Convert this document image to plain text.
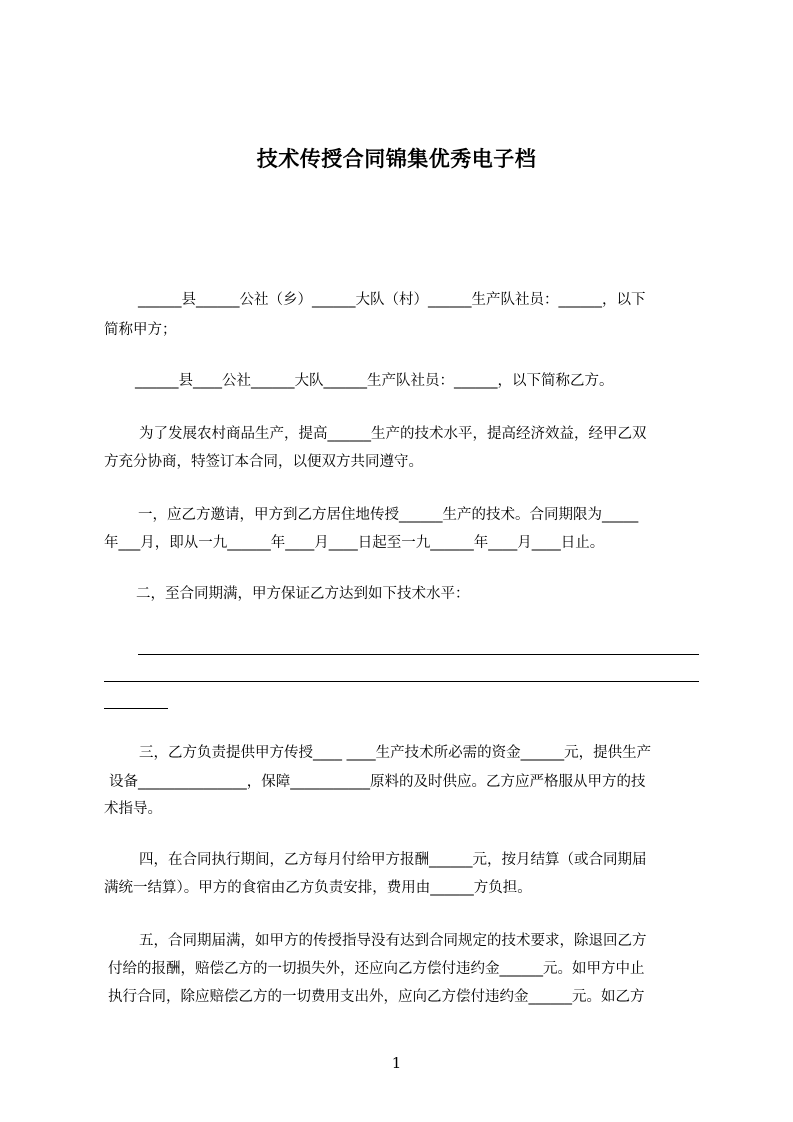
技术传授合同锦集优秀电子档
______县______公社（乡）______大队（村）______生产队社员：______，以下
简称甲方；
______县____公社______大队______生产队社员：______，以下简称乙方。
为了发展农村商品生产，提高______生产的技术水平，提高经济效益，经甲乙双
方充分协商，特签订本合同，以便双方共同遵守。
一，应乙方邀请，甲方到乙方居住地传授______生产的技术。合同期限为_____
年___月，即从一九______年____月____日起至一九______年____月____日止。
二，至合同期满，甲方保证乙方达到如下技术水平：
三，乙方负责提供甲方传授____ ____生产技术所必需的资金______元，提供生产
设备_______________，保障___________原料的及时供应。乙方应严格服从甲方的技
术指导。
四，在合同执行期间，乙方每月付给甲方报酬______元，按月结算（或合同期届
满统一结算）。甲方的食宿由乙方负责安排，费用由______方负担。
五，合同期届满，如甲方的传授指导没有达到合同规定的技术要求，除退回乙方
付给的报酬，赔偿乙方的一切损失外，还应向乙方偿付违约金______元。如甲方中止
执行合同，除应赔偿乙方的一切费用支出外，应向乙方偿付违约金______元。如乙方
1
